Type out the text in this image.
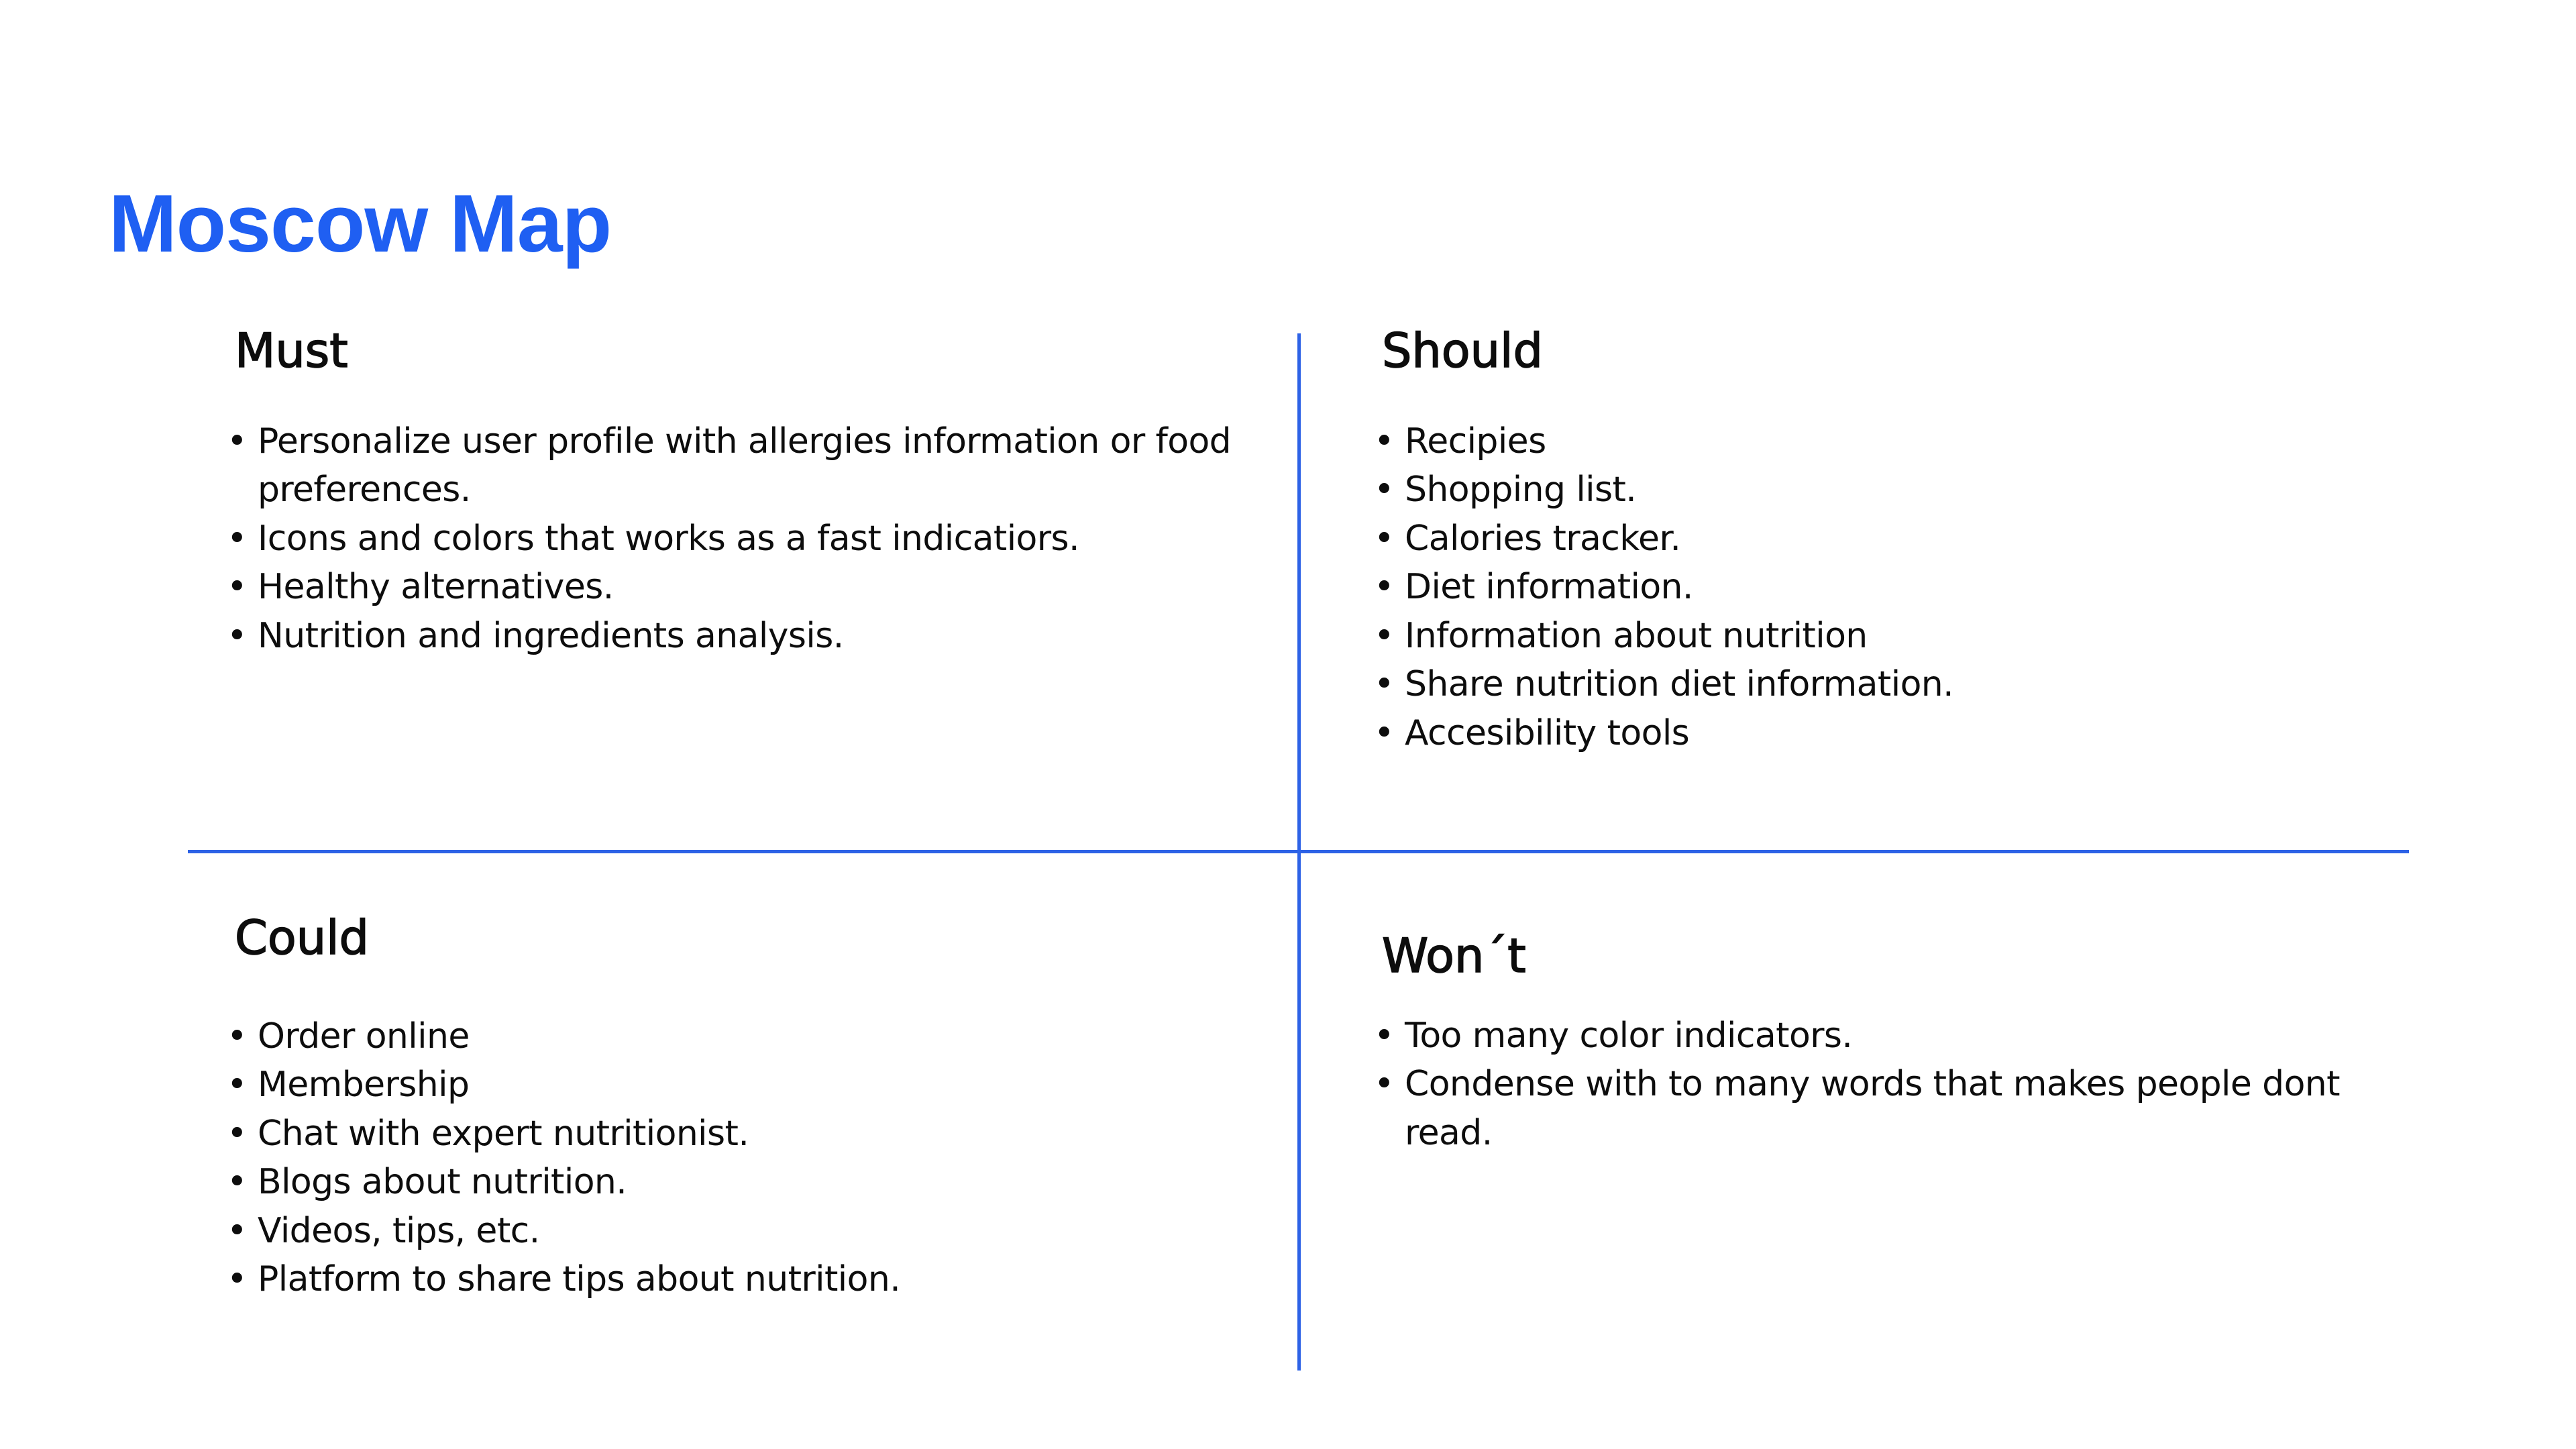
Moscow Map
Must
• Personalize user profile with allergies information or food preferences.
• Icons and colors that works as a fast indicatiors.
• Healthy alternatives.
• Nutrition and ingredients analysis.
Should
• Recipies
• Shopping list.
• Calories tracker.
• Diet information.
• Information about nutrition
• Share nutrition diet information.
• Accesibility tools
Could
• Order online
• Membership
• Chat with expert nutritionist.
• Blogs about nutrition.
• Videos, tips, etc.
• Platform to share tips about nutrition.
Won´t
• Too many color indicators.
• Condense with to many words that makes people dont read.
